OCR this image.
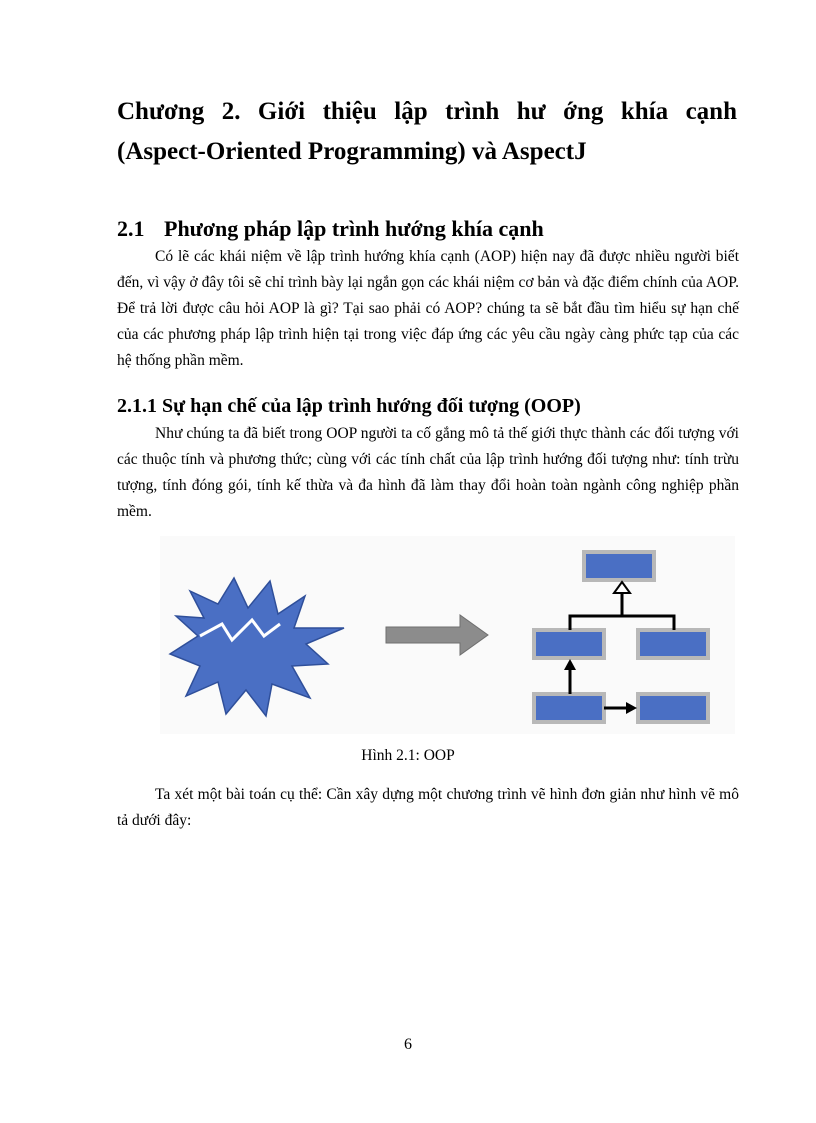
Chương 2. Giới thiệu lập trình hư ớng khía cạnh
(Aspect-Oriented Programming) và AspectJ
2.1 Phương pháp lập trình hướng khía cạnh

Có lẽ các khái niệm về lập trình hướng khía cạnh (AOP) hiện nay đã được nhiều người biết đến, vì vậy ở đây tôi sẽ chỉ trình bày lại ngắn gọn các khái niệm cơ bản và đặc điểm chính của AOP. Để trả lời được câu hỏi AOP là gì? Tại sao phải có AOP? chúng ta sẽ bắt đầu tìm hiểu sự hạn chế của các phương pháp lập trình hiện tại trong việc đáp ứng các yêu cầu ngày càng phức tạp của các hệ thống phần mềm.

2.1.1 Sự hạn chế của lập trình hướng đối tượng (OOP)

Như chúng ta đã biết trong OOP người ta cố gắng mô tả thế giới thực thành các đối tượng với các thuộc tính và phương thức; cùng với các tính chất của lập trình hướng đối tượng như: tính trừu tượng, tính đóng gói, tính kế thừa và đa hình đã làm thay đổi hoàn toàn ngành công nghiệp phần mềm.

Hình 2.1: OOP

Ta xét một bài toán cụ thể: Cần xây dựng một chương trình vẽ hình đơn giản như hình vẽ mô tả dưới đây:

6
